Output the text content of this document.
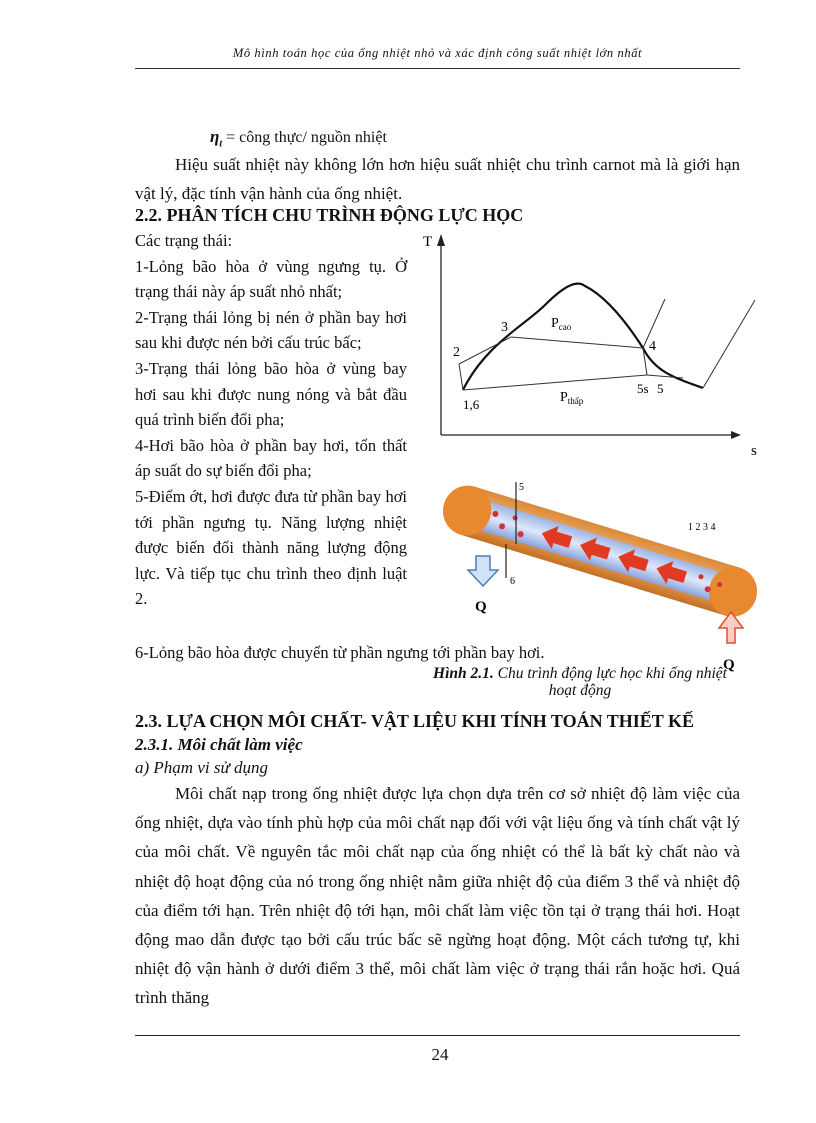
Mô hình toán học của ống nhiệt nhỏ và xác định công suất nhiệt lớn nhất
$\eta_t$ = công thực/ nguồn nhiệt
Hiệu suất nhiệt này không lớn hơn hiệu suất nhiệt chu trình carnot mà là giới hạn vật lý, đặc tính vận hành của ống nhiệt.
2.2. PHÂN TÍCH CHU TRÌNH ĐỘNG LỰC HỌC
Các trạng thái:
1-Lỏng bão hòa ở vùng ngưng tụ. Ở trạng thái này áp suất nhỏ nhất;
2-Trạng thái lỏng bị nén ở phần bay hơi sau khi được nén bởi cấu trúc bấc;
3-Trạng thái lỏng bão hòa ở vùng bay hơi sau khi được nung nóng và bắt đầu quá trình biến đổi pha;
4-Hơi bão hòa ở phần bay hơi, tổn thất áp suất do sự biến đổi pha;
5-Điểm ớt, hơi được đưa từ phần bay hơi tới phần ngưng tụ. Năng lượng nhiệt được biến đổi thành năng lượng động lực. Và tiếp tục chu trình theo định luật 2.
6-Lỏng bão hòa được chuyển từ phần ngưng tới phần bay hơi.
T
s
3
2
1,6
4
5s 5
$P_{cao}$
$P_{thấp}$
5
6
1 2 3 4
Q
Q
Hình 2.1. Chu trình động lực học khi ống nhiệt hoạt động
2.3. LỰA CHỌN MÔI CHẤT- VẬT LIỆU KHI TÍNH TOÁN THIẾT KẾ
2.3.1. Môi chất làm việc
a) Phạm vi sử dụng
Môi chất nạp trong ống nhiệt được lựa chọn dựa trên cơ sở nhiệt độ làm việc của ống nhiệt, dựa vào tính phù hợp của môi chất nạp đối với vật liệu ống và tính chất vật lý của môi chất. Về nguyên tắc môi chất nạp của ống nhiệt có thể là bất kỳ chất nào và nhiệt độ hoạt động của nó trong ống nhiệt nằm giữa nhiệt độ của điểm 3 thể và nhiệt độ của điểm tới hạn. Trên nhiệt độ tới hạn, môi chất làm việc tồn tại ở trạng thái hơi. Hoạt động mao dẫn được tạo bởi cấu trúc bấc sẽ ngừng hoạt động. Một cách tương tự, khi nhiệt độ vận hành ở dưới điểm 3 thể, môi chất làm việc ở trạng thái rắn hoặc hơi. Quá trình thăng
24
